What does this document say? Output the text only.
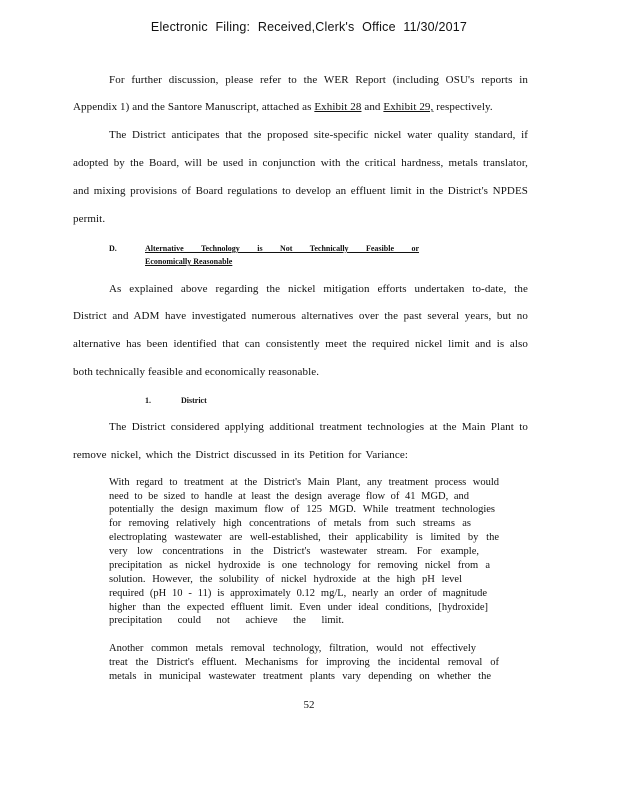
Electronic Filing: Received,Clerk's Office 11/30/2017
For further discussion, please refer to the WER Report (including OSU's reports in
Appendix 1) and the Santore Manuscript, attached as Exhibit 28 and Exhibit 29, respectively.
The District anticipates that the proposed site-specific nickel water quality standard, if
adopted by the Board, will be used in conjunction with the critical hardness, metals translator,
and mixing provisions of Board regulations to develop an effluent limit in the District's NPDES
permit.
D.	Alternative Technology is Not Technically Feasible or
Economically Reasonable
As explained above regarding the nickel mitigation efforts undertaken to-date, the
District and ADM have investigated numerous alternatives over the past several years, but no
alternative has been identified that can consistently meet the required nickel limit and is also
both technically feasible and economically reasonable.
1.	District
The District considered applying additional treatment technologies at the Main Plant to
remove nickel, which the District discussed in its Petition for Variance:
With regard to treatment at the District's Main Plant, any treatment process would
need to be sized to handle at least the design average flow of 41 MGD, and
potentially the design maximum flow of 125 MGD. While treatment technologies
for removing relatively high concentrations of metals from such streams as
electroplating wastewater are well-established, their applicability is limited by the
very low concentrations in the District's wastewater stream. For example,
precipitation as nickel hydroxide is one technology for removing nickel from a
solution. However, the solubility of nickel hydroxide at the high pH level
required (pH 10 - 11) is approximately 0.12 mg/L, nearly an order of magnitude
higher than the expected effluent limit. Even under ideal conditions, [hydroxide]
precipitation could not achieve the limit.
Another common metals removal technology, filtration, would not effectively
treat the District's effluent. Mechanisms for improving the incidental removal of
metals in municipal wastewater treatment plants vary depending on whether the
52
